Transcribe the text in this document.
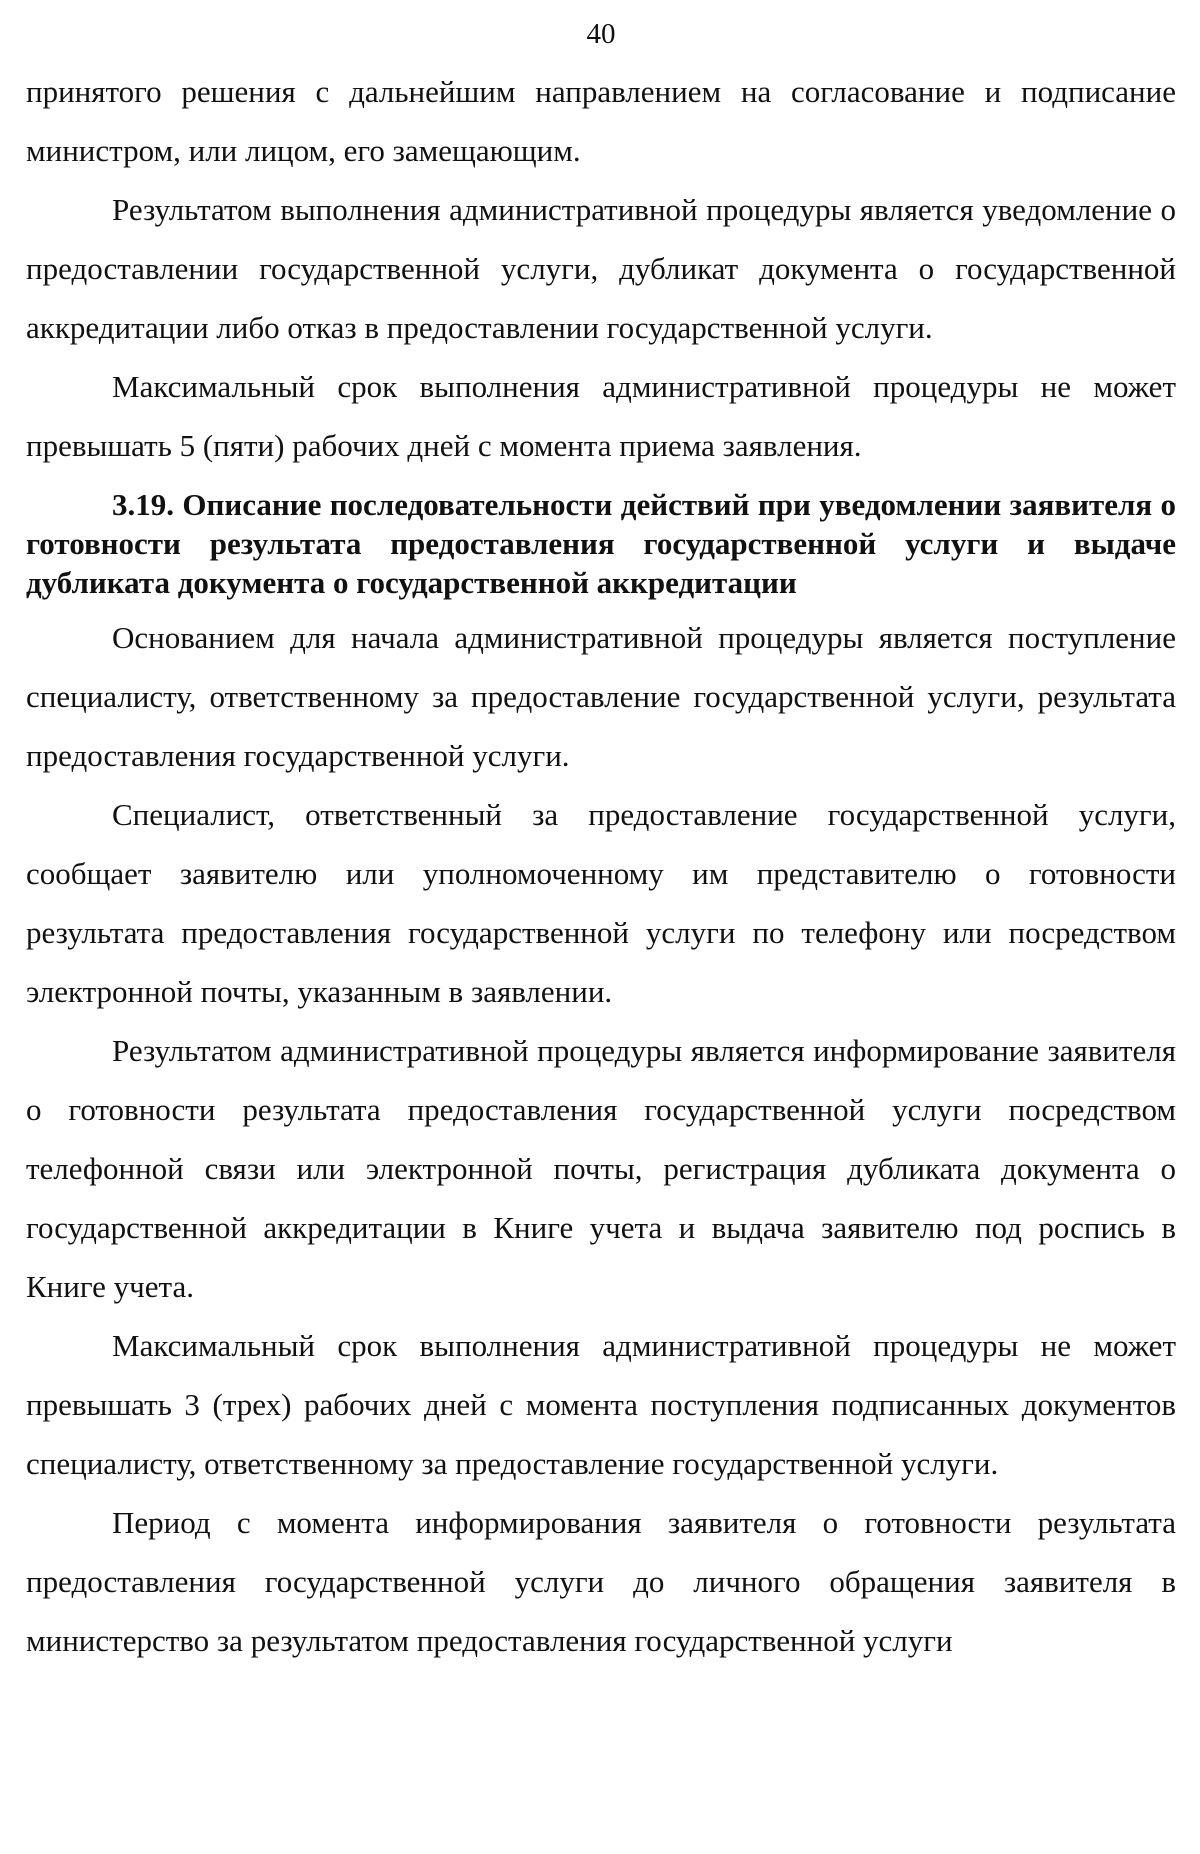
40

принятого решения с дальнейшим направлением на согласование и подписание министром, или лицом, его замещающим.

Результатом выполнения административной процедуры является уведомление о предоставлении государственной услуги, дубликат документа о государственной аккредитации либо отказ в предоставлении государственной услуги.

Максимальный срок выполнения административной процедуры не может превышать 5 (пяти) рабочих дней с момента приема заявления.

3.19. Описание последовательности действий при уведомлении заявителя о готовности результата предоставления государственной услуги и выдаче дубликата документа о государственной аккредитации

Основанием для начала административной процедуры является поступление специалисту, ответственному за предоставление государственной услуги, результата предоставления государственной услуги.

Специалист, ответственный за предоставление государственной услуги, сообщает заявителю или уполномоченному им представителю о готовности результата предоставления государственной услуги по телефону или посредством электронной почты, указанным в заявлении.

Результатом административной процедуры является информирование заявителя о готовности результата предоставления государственной услуги посредством телефонной связи или электронной почты, регистрация дубликата документа о государственной аккредитации в Книге учета и выдача заявителю под роспись в Книге учета.

Максимальный срок выполнения административной процедуры не может превышать 3 (трех) рабочих дней с момента поступления подписанных документов специалисту, ответственному за предоставление государственной услуги.

Период с момента информирования заявителя о готовности результата предоставления государственной услуги до личного обращения заявителя в министерство за результатом предоставления государственной услуги
